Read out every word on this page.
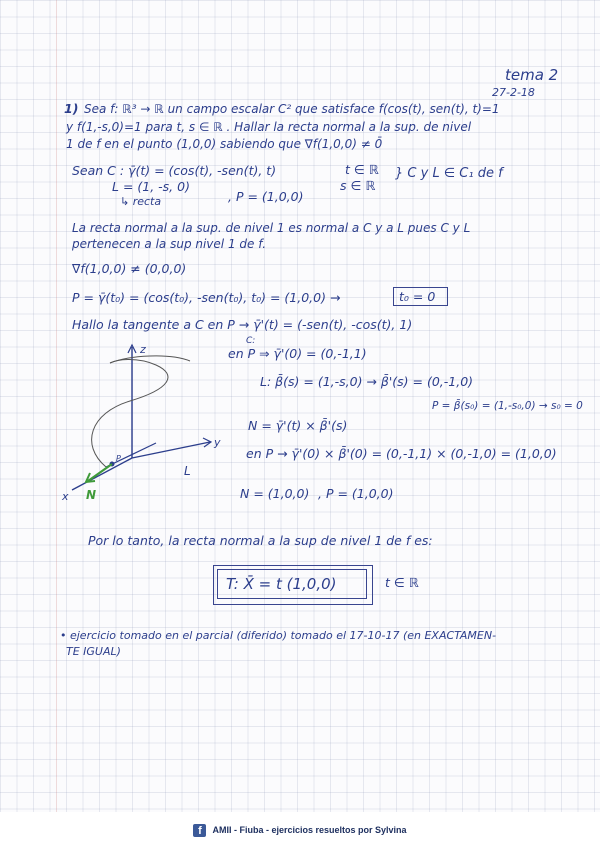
tema 2

27-2-18

1) Sea f: ℝ³ → ℝ un campo escalar C² que satisface f(cos(t), sen(t), t)=1

y f(1,-s,0)=1 para t, s ∈ ℝ . Hallar la recta normal a la sup. de nivel

1 de f en el punto (1,0,0) sabiendo que ∇f(1,0,0) ≠ 0̄

Sean C : γ̄(t) = (cos(t), -sen(t), t)	t ∈ ℝ

L = (1, -s, 0)	s ∈ ℝ

} C y L ∈ C₁ de f

↳ recta	, P = (1,0,0)

La recta normal a la sup. de nivel 1 es normal a C y a L pues C y L

pertenecen a la sup nivel 1 de f.

∇f(1,0,0) ≠ (0,0,0)

P = γ̄(t₀) = (cos(t₀), -sen(t₀), t₀) = (1,0,0) →	t₀ = 0

Hallo la tangente a C en P → γ̄'(t) = (-sen(t), -cos(t), 1)

en P ⇒ γ̄'(0) = (0,-1,1)

C:

L: β̄(s) = (1,-s,0) → β̄'(s) = (0,-1,0)

P = β̄(s₀) = (1,-s₀,0) → s₀ = 0

N = γ̄'(t) × β̄'(s)

en P → γ̄'(0) × β̄'(0) = (0,-1,1) × (0,-1,0) = (1,0,0)

N = (1,0,0) , P = (1,0,0)

Por lo tanto, la recta normal a la sup de nivel 1 de f es:

T: X̄ = t (1,0,0)	t ∈ ℝ

• ejercicio tomado en el parcial (diferido) tomado el 17-10-17 (en EXACTAMEN-

TE IGUAL)

z
y
x
L
P
N
f	AMII - Fiuba - ejercicios resueltos por Sylvina
